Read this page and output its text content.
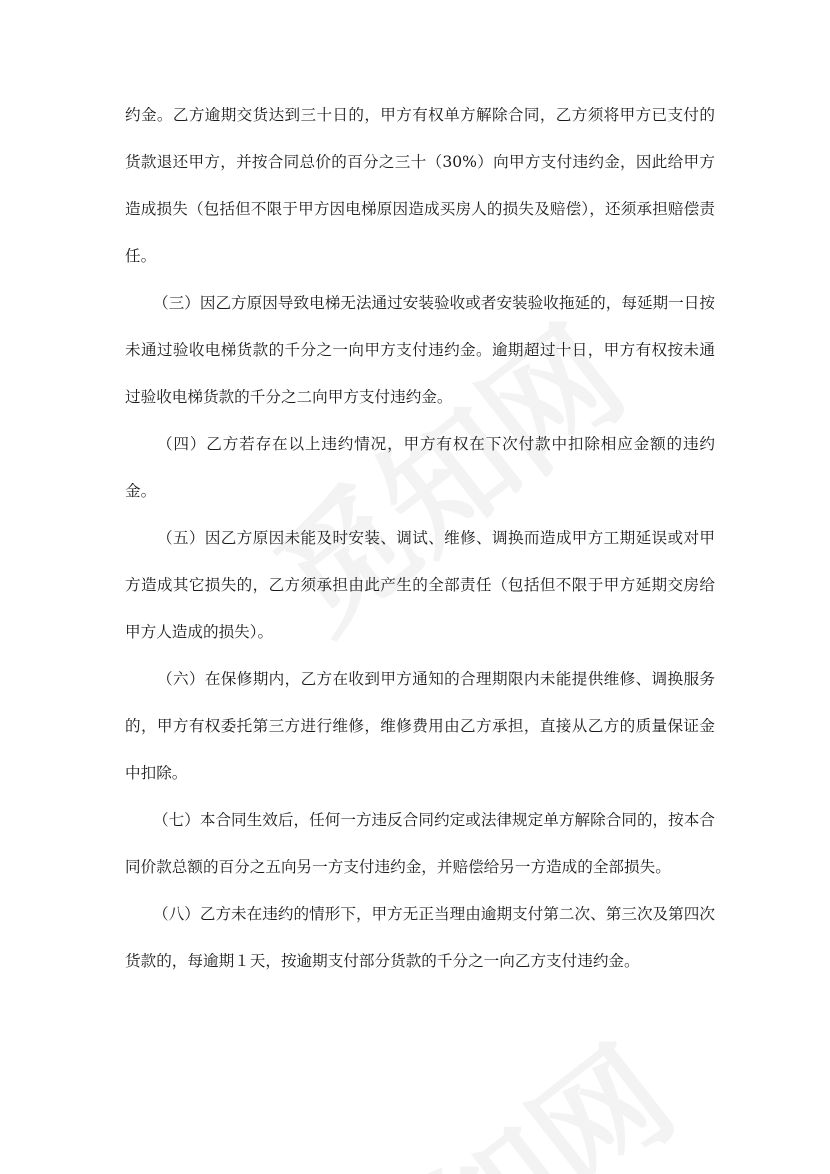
约金。乙方逾期交货达到三十日的，甲方有权单方解除合同，乙方须将甲方已支付的货款退还甲方，并按合同总价的百分之三十（30%）向甲方支付违约金，因此给甲方造成损失（包括但不限于甲方因电梯原因造成买房人的损失及赔偿），还须承担赔偿责任。

（三）因乙方原因导致电梯无法通过安装验收或者安装验收拖延的，每延期一日按未通过验收电梯货款的千分之一向甲方支付违约金。逾期超过十日，甲方有权按未通过验收电梯货款的千分之二向甲方支付违约金。

（四）乙方若存在以上违约情况，甲方有权在下次付款中扣除相应金额的违约金。

（五）因乙方原因未能及时安装、调试、维修、调换而造成甲方工期延误或对甲方造成其它损失的，乙方须承担由此产生的全部责任（包括但不限于甲方延期交房给甲方人造成的损失）。

（六）在保修期内，乙方在收到甲方通知的合理期限内未能提供维修、调换服务的，甲方有权委托第三方进行维修，维修费用由乙方承担，直接从乙方的质量保证金中扣除。

（七）本合同生效后，任何一方违反合同约定或法律规定单方解除合同的，按本合同价款总额的百分之五向另一方支付违约金，并赔偿给另一方造成的全部损失。

（八）乙方未在违约的情形下，甲方无正当理由逾期支付第二次、第三次及第四次货款的，每逾期１天，按逾期支付部分货款的千分之一向乙方支付违约金。
